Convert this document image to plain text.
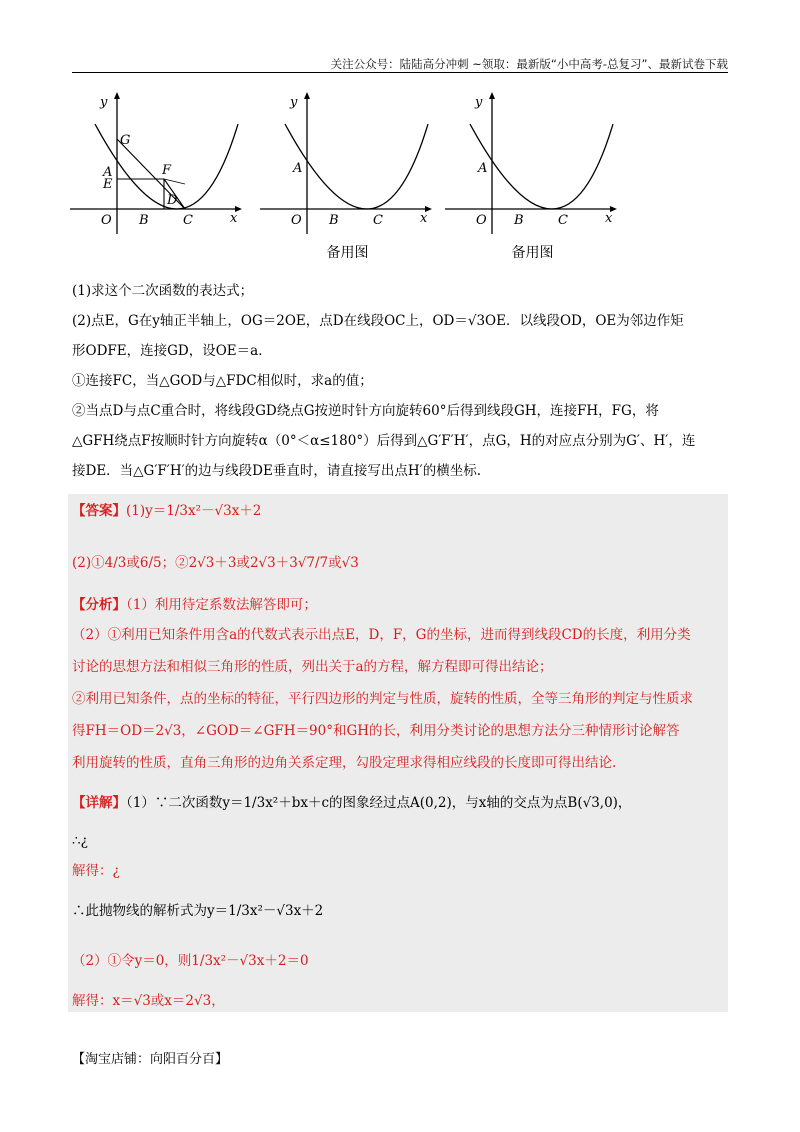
关注公众号：陆陆高分冲刺 ~领取：最新版“小中高考-总复习”、最新试卷下载
y
x
O
A
B	C
D
E
F
G
y
x
O
A
B	C
备用图
y
x
O
A
B	C
备用图

(1)求这个二次函数的表达式；

(2)点E，G在y轴正半轴上，OG＝2OE，点D在线段OC上，OD＝√3OE．以线段OD，OE为邻边作矩

形ODFE，连接GD，设OE＝a．

①连接FC，当△GOD与△FDC相似时，求a的值；

②当点D与点C重合时，将线段GD绕点G按逆时针方向旋转60°后得到线段GH，连接FH，FG，将

△GFH绕点F按顺时针方向旋转α（0°＜α≤180°）后得到△G′F′H′，点G，H的对应点分别为G′、H′，连

接DE．当△G′F′H′的边与线段DE垂直时，请直接写出点H′的横坐标.

【答案】(1)y＝1/3x²－√3x＋2
(2)①4/3或6/5；②2√3＋3或2√3＋3√7/7或√3
【分析】（1）利用待定系数法解答即可；
（2）①利用已知条件用含a的代数式表示出点E，D，F，G的坐标，进而得到线段CD的长度，利用分类
讨论的思想方法和相似三角形的性质，列出关于a的方程，解方程即可得出结论；
②利用已知条件，点的坐标的特征，平行四边形的判定与性质，旋转的性质，全等三角形的判定与性质求
得FH＝OD＝2√3，∠GOD＝∠GFH＝90°和GH的长，利用分类讨论的思想方法分三种情形讨论解答
利用旋转的性质，直角三角形的边角关系定理，勾股定理求得相应线段的长度即可得出结论.
【详解】（1）∵二次函数y＝1/3x²＋bx＋c的图象经过点A(0,2)，与x轴的交点为点B(√3,0)，
∴¿
解得：¿
∴此抛物线的解析式为y＝1/3x²－√3x＋2
（2）①令y＝0，则1/3x²－√3x＋2＝0
解得：x＝√3或x＝2√3，
【淘宝店铺：向阳百分百】
